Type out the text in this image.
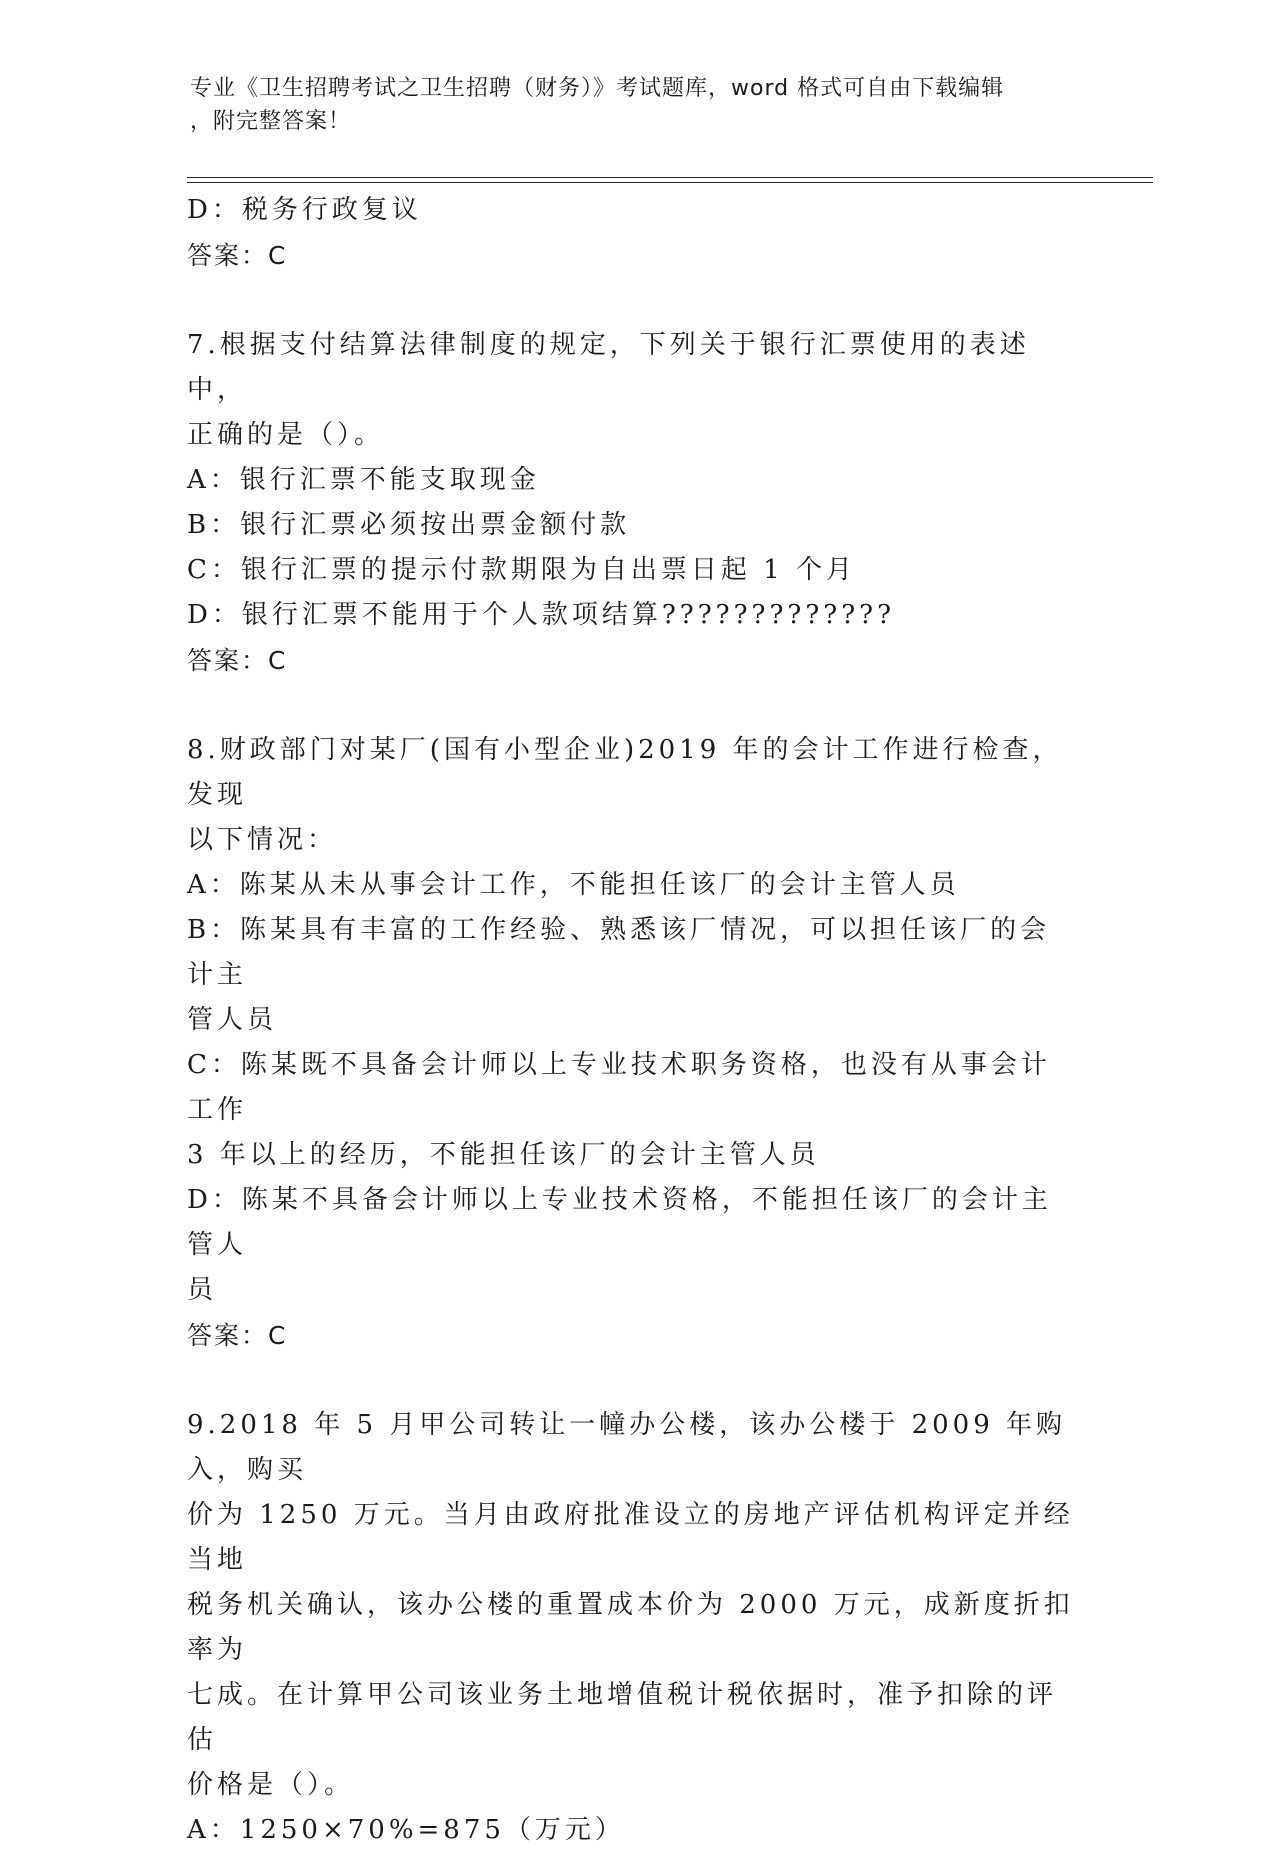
专业《卫生招聘考试之卫生招聘（财务）》考试题库，word 格式可自由下载编辑
，附完整答案！
D：税务行政复议
答案：C
7.根据支付结算法律制度的规定，下列关于银行汇票使用的表述中，
正确的是（）。
A：银行汇票不能支取现金
B：银行汇票必须按出票金额付款
C：银行汇票的提示付款期限为自出票日起 1 个月
D：银行汇票不能用于个人款项结算?????????????
答案：C
8.财政部门对某厂(国有小型企业)2019 年的会计工作进行检查，发现
以下情况：
A：陈某从未从事会计工作，不能担任该厂的会计主管人员
B：陈某具有丰富的工作经验、熟悉该厂情况，可以担任该厂的会计主
管人员
C：陈某既不具备会计师以上专业技术职务资格，也没有从事会计工作
3 年以上的经历，不能担任该厂的会计主管人员
D：陈某不具备会计师以上专业技术资格，不能担任该厂的会计主管人
员
答案：C
9.2018 年 5 月甲公司转让一幢办公楼，该办公楼于 2009 年购入，购买
价为 1250 万元。当月由政府批准设立的房地产评估机构评定并经当地
税务机关确认，该办公楼的重置成本价为 2000 万元，成新度折扣率为
七成。在计算甲公司该业务土地增值税计税依据时，准予扣除的评估
价格是（）。
A：1250×70%=875（万元）
